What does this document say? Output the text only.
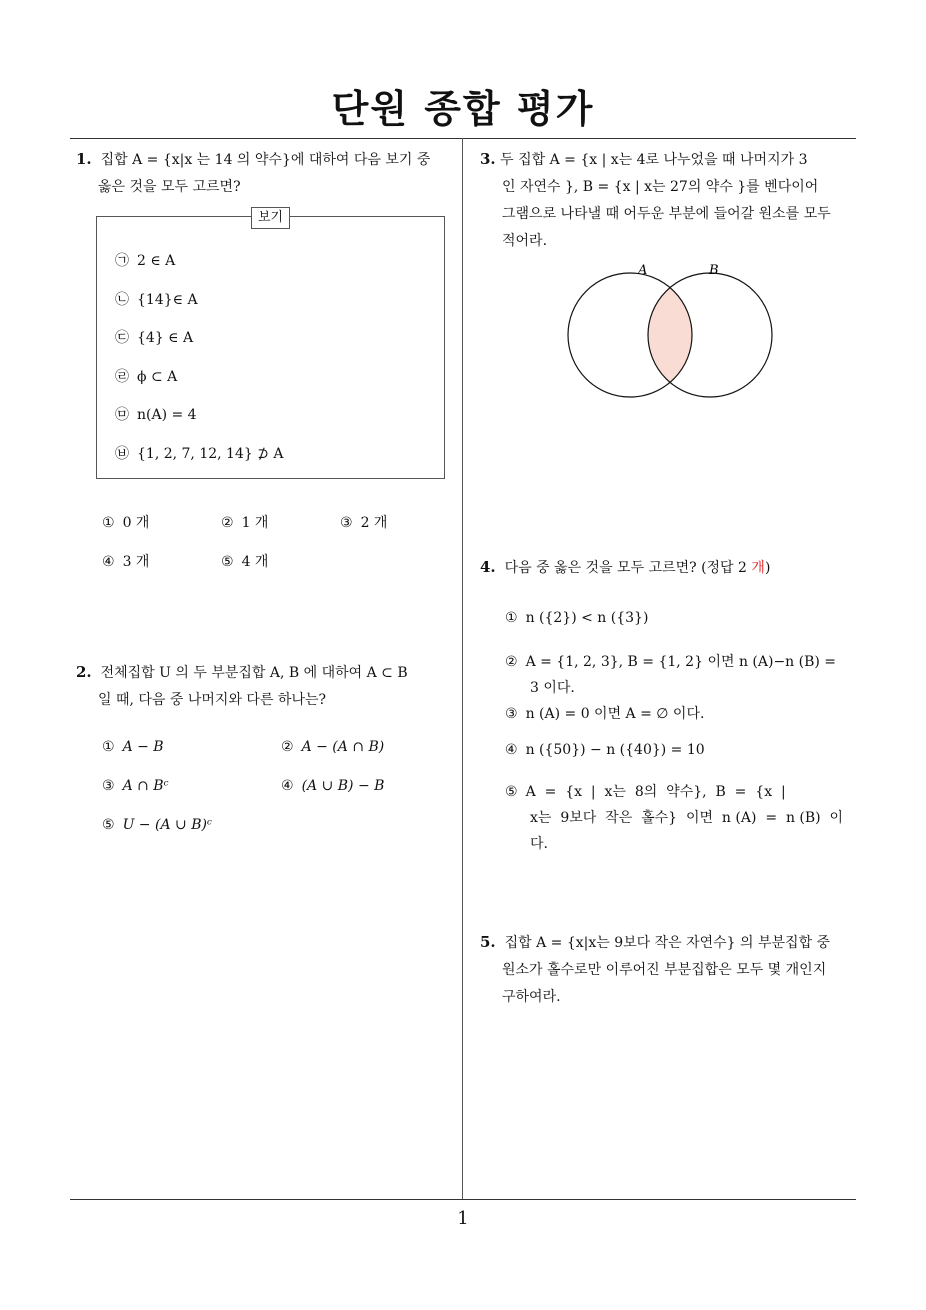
단원 종합 평가
1. 집합 A = {x|x 는 14 의 약수}에 대하여 다음 보기 중
옳은 것을 모두 고르면?
보기
㉠ 2 ∈ A
㉡ {14}∈ A
㉢ {4} ∈ A
㉣ ϕ ⊂ A
㉤ n(A) = 4
㉥ {1, 2, 7, 12, 14} ⊅ A
① 0 개	② 1 개	③ 2 개
④ 3 개	⑤ 4 개
2. 전체집합 U 의 두 부분집합 A, B 에 대하여 A ⊂ B
일 때, 다음 중 나머지와 다른 하나는?
① A − B	② A − (A ∩ B)
③ A ∩ Bᶜ	④ (A ∪ B) − B
⑤ U − (A ∪ B)ᶜ
3. 두 집합 A = {x | x는 4로 나누었을 때 나머지가 3
인 자연수 }, B = {x | x는 27의 약수 }를 벤다이어
그램으로 나타낼 때 어두운 부분에 들어갈 원소를 모두
적어라.
A	B
4. 다음 중 옳은 것을 모두 고르면? (정답 2 개)
① n ({2}) < n ({3})
② A = {1, 2, 3}, B = {1, 2} 이면 n (A)−n (B) =
3 이다.
③ n (A) = 0 이면 A = ∅ 이다.
④ n ({50}) − n ({40}) = 10
⑤ A  =  {x  |  x는  8의  약수},  B  =  {x  |
x는  9보다  작은  홀수}  이면  n (A)  =  n (B)  이
다.
5. 집합 A = {x|x는 9보다 작은 자연수} 의 부분집합 중
원소가 홀수로만 이루어진 부분집합은 모두 몇 개인지
구하여라.
1
